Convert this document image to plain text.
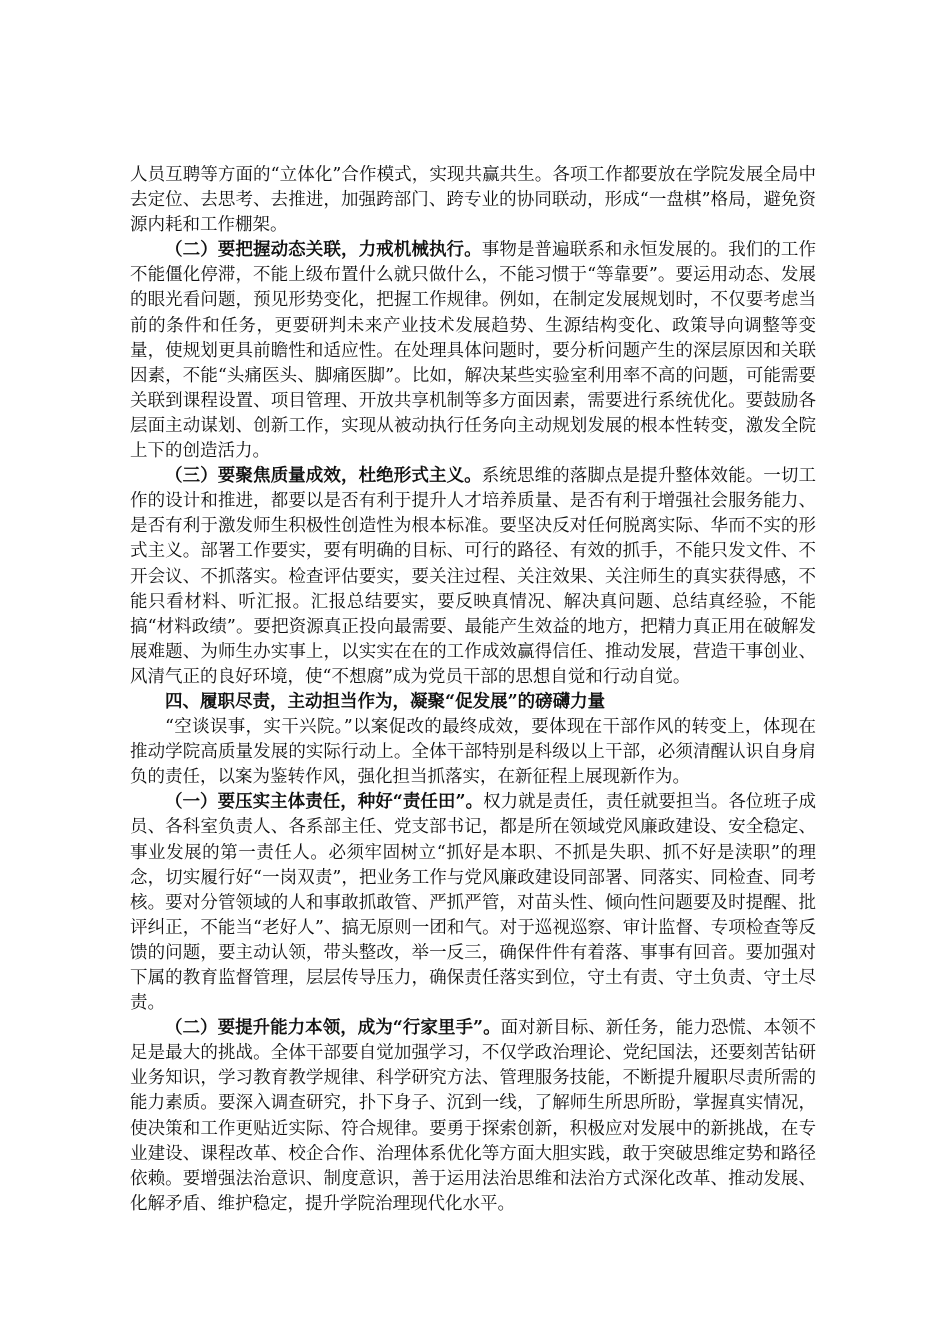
人员互聘等方面的“立体化”合作模式，实现共赢共生。各项工作都要放在学院发展全局中去定位、去思考、去推进，加强跨部门、跨专业的协同联动，形成“一盘棋”格局，避免资源内耗和工作棚架。

（二）要把握动态关联，力戒机械执行。事物是普遍联系和永恒发展的。我们的工作不能僵化停滞，不能上级布置什么就只做什么，不能习惯于“等靠要”。要运用动态、发展的眼光看问题，预见形势变化，把握工作规律。例如，在制定发展规划时，不仅要考虑当前的条件和任务，更要研判未来产业技术发展趋势、生源结构变化、政策导向调整等变量，使规划更具前瞻性和适应性。在处理具体问题时，要分析问题产生的深层原因和关联因素，不能“头痛医头、脚痛医脚”。比如，解决某些实验室利用率不高的问题，可能需要关联到课程设置、项目管理、开放共享机制等多方面因素，需要进行系统优化。要鼓励各层面主动谋划、创新工作，实现从被动执行任务向主动规划发展的根本性转变，激发全院上下的创造活力。

（三）要聚焦质量成效，杜绝形式主义。系统思维的落脚点是提升整体效能。一切工作的设计和推进，都要以是否有利于提升人才培养质量、是否有利于增强社会服务能力、是否有利于激发师生积极性创造性为根本标准。要坚决反对任何脱离实际、华而不实的形式主义。部署工作要实，要有明确的目标、可行的路径、有效的抓手，不能只发文件、不开会议、不抓落实。检查评估要实，要关注过程、关注效果、关注师生的真实获得感，不能只看材料、听汇报。汇报总结要实，要反映真情况、解决真问题、总结真经验，不能搞“材料政绩”。要把资源真正投向最需要、最能产生效益的地方，把精力真正用在破解发展难题、为师生办实事上，以实实在在的工作成效赢得信任、推动发展，营造干事创业、风清气正的良好环境，使“不想腐”成为党员干部的思想自觉和行动自觉。

四、履职尽责，主动担当作为，凝聚“促发展”的磅礴力量

“空谈误事，实干兴院。”以案促改的最终成效，要体现在干部作风的转变上，体现在推动学院高质量发展的实际行动上。全体干部特别是科级以上干部，必须清醒认识自身肩负的责任，以案为鉴转作风，强化担当抓落实，在新征程上展现新作为。

（一）要压实主体责任，种好“责任田”。权力就是责任，责任就要担当。各位班子成员、各科室负责人、各系部主任、党支部书记，都是所在领域党风廉政建设、安全稳定、事业发展的第一责任人。必须牢固树立“抓好是本职、不抓是失职、抓不好是渎职”的理念，切实履行好“一岗双责”，把业务工作与党风廉政建设同部署、同落实、同检查、同考核。要对分管领域的人和事敢抓敢管、严抓严管，对苗头性、倾向性问题要及时提醒、批评纠正，不能当“老好人”、搞无原则一团和气。对于巡视巡察、审计监督、专项检查等反馈的问题，要主动认领，带头整改，举一反三，确保件件有着落、事事有回音。要加强对下属的教育监督管理，层层传导压力，确保责任落实到位，守土有责、守土负责、守土尽责。

（二）要提升能力本领，成为“行家里手”。面对新目标、新任务，能力恐慌、本领不足是最大的挑战。全体干部要自觉加强学习，不仅学政治理论、党纪国法，还要刻苦钻研业务知识，学习教育教学规律、科学研究方法、管理服务技能，不断提升履职尽责所需的能力素质。要深入调查研究，扑下身子、沉到一线，了解师生所思所盼，掌握真实情况，使决策和工作更贴近实际、符合规律。要勇于探索创新，积极应对发展中的新挑战，在专业建设、课程改革、校企合作、治理体系优化等方面大胆实践，敢于突破思维定势和路径依赖。要增强法治意识、制度意识，善于运用法治思维和法治方式深化改革、推动发展、化解矛盾、维护稳定，提升学院治理现代化水平。
